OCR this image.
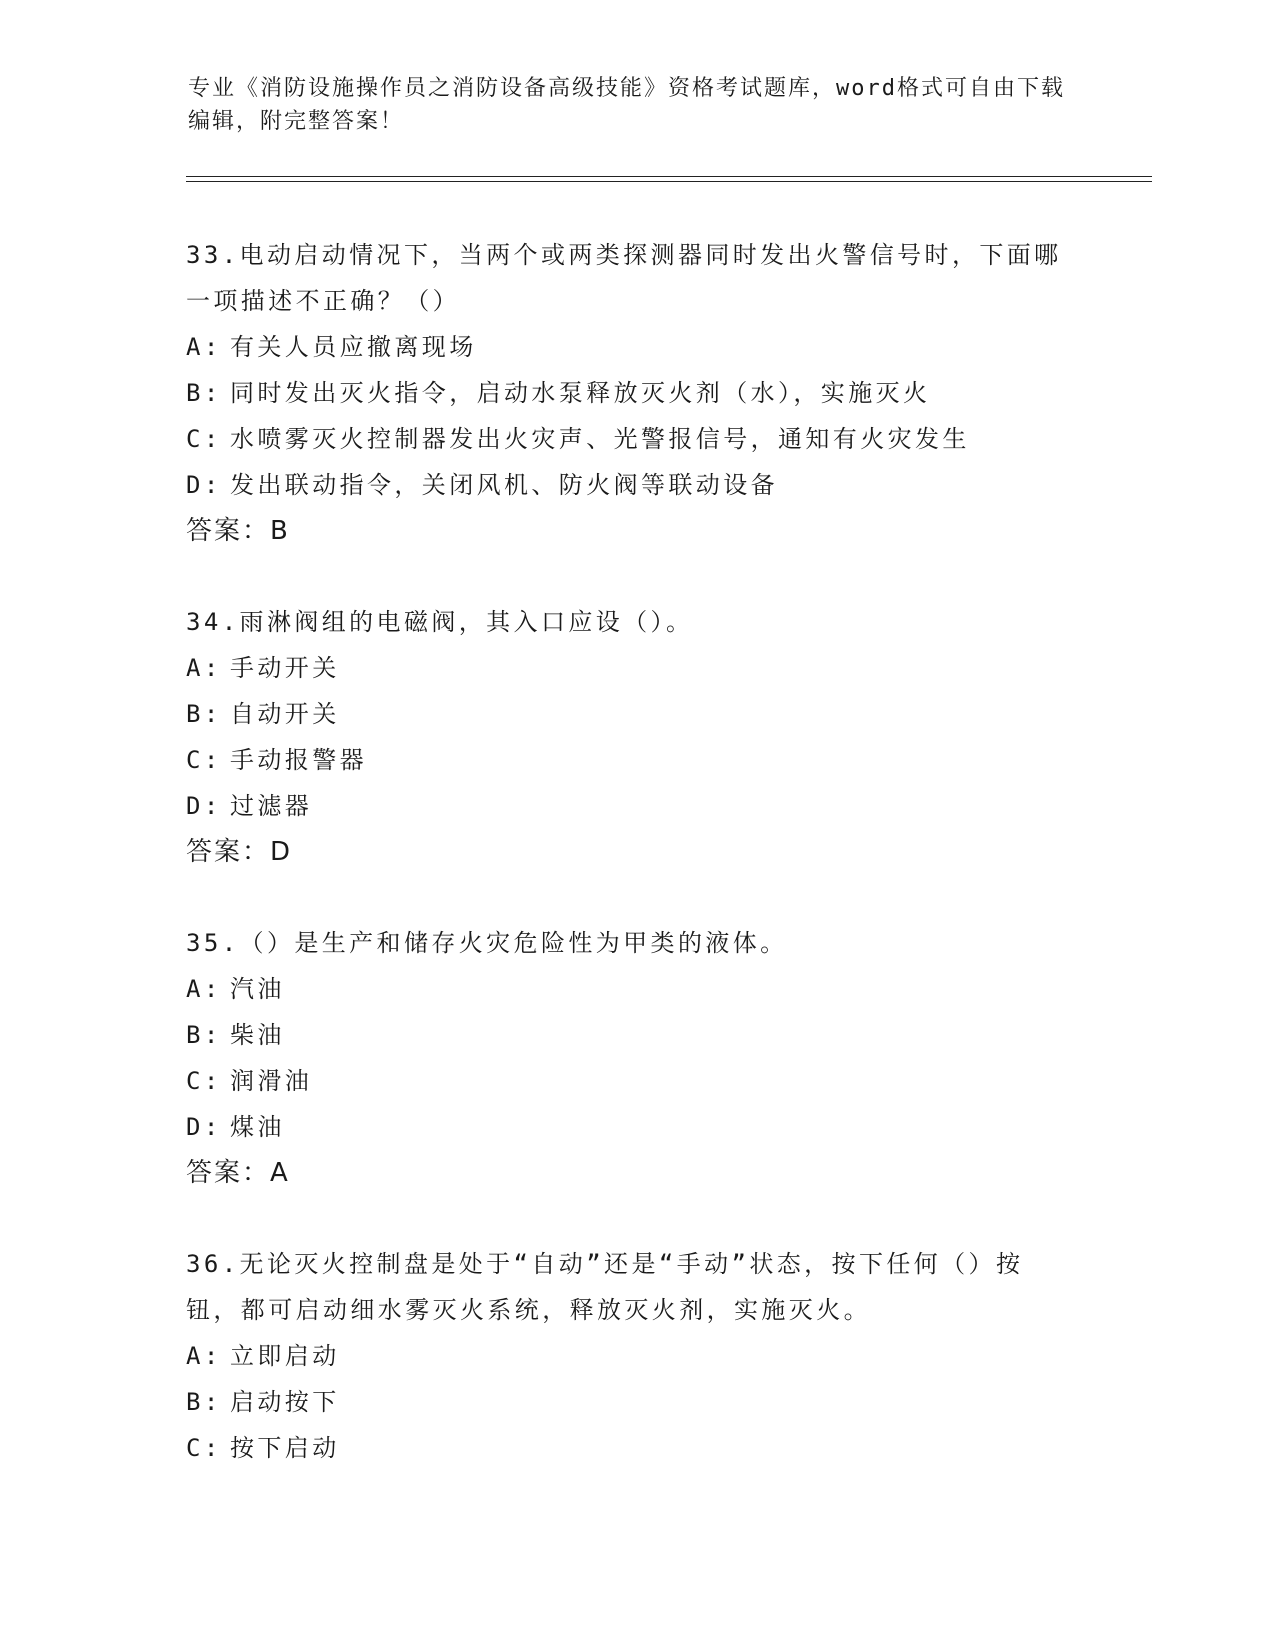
专业《消防设施操作员之消防设备高级技能》资格考试题库，word格式可自由下载编辑，附完整答案！

33.电动启动情况下，当两个或两类探测器同时发出火警信号时，下面哪一项描述不正确？（）

A: 有关人员应撤离现场

B: 同时发出灭火指令，启动水泵释放灭火剂（水），实施灭火

C: 水喷雾灭火控制器发出火灾声、光警报信号，通知有火灾发生

D: 发出联动指令，关闭风机、防火阀等联动设备

答案：B

34.雨淋阀组的电磁阀，其入口应设（）。

A: 手动开关

B: 自动开关

C: 手动报警器

D: 过滤器

答案：D

35.（）是生产和储存火灾危险性为甲类的液体。

A: 汽油

B: 柴油

C: 润滑油

D: 煤油

答案：A

36.无论灭火控制盘是处于“自动”还是“手动”状态，按下任何（）按钮，都可启动细水雾灭火系统，释放灭火剂，实施灭火。

A: 立即启动

B: 启动按下

C: 按下启动
